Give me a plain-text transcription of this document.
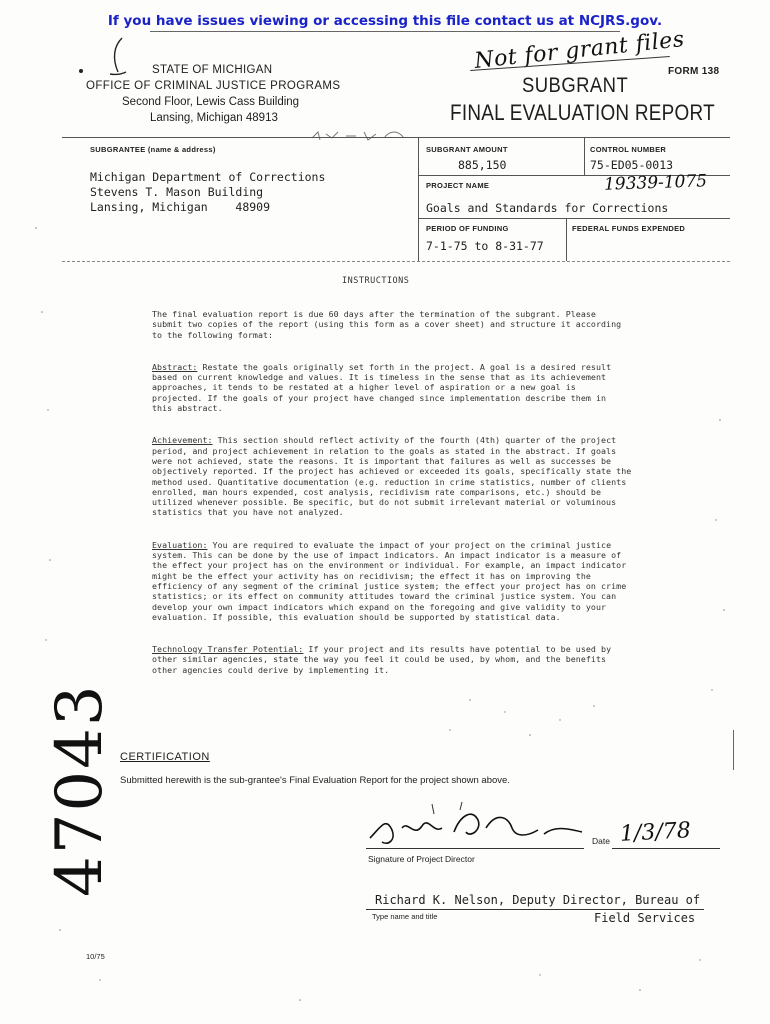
If you have issues viewing or accessing this file contact us at NCJRS.gov.
Not for grant files
FORM 138
STATE OF MICHIGAN
OFFICE OF CRIMINAL JUSTICE PROGRAMS
Second Floor, Lewis Cass Building
Lansing, Michigan 48913
SUBGRANT
FINAL EVALUATION REPORT
SUBGRANTEE (name & address)
Michigan Department of Corrections
Stevens T. Mason Building
Lansing, Michigan    48909
SUBGRANT AMOUNT
885,150
CONTROL NUMBER
75-ED05-0013
PROJECT NAME	19339-1075
Goals and Standards for Corrections
PERIOD OF FUNDING
7-1-75 to 8-31-77
FEDERAL FUNDS EXPENDED
INSTRUCTIONS

The final evaluation report is due 60 days after the termination of the subgrant. Please submit two copies of the report (using this form as a cover sheet) and structure it according to the following format:

Abstract: Restate the goals originally set forth in the project. A goal is a desired result based on current knowledge and values. It is timeless in the sense that as its achievement approaches, it tends to be restated at a higher level of aspiration or a new goal is projected. If the goals of your project have changed since implementation describe them in this abstract.

Achievement: This section should reflect activity of the fourth (4th) quarter of the project period, and project achievement in relation to the goals as stated in the abstract. If goals were not achieved, state the reasons. It is important that failures as well as successes be objectively reported. If the project has achieved or exceeded its goals, specifically state the method used. Quantitative documentation (e.g. reduction in crime statistics, number of clients enrolled, man hours expended, cost analysis, recidivism rate comparisons, etc.) should be utilized whenever possible. Be specific, but do not submit irrelevant material or voluminous statistics that you have not analyzed.

Evaluation: You are required to evaluate the impact of your project on the criminal justice system. This can be done by the use of impact indicators. An impact indicator is a measure of the effect your project has on the environment or individual. For example, an impact indicator might be the effect your activity has on recidivism; the effect it has on improving the efficiency of any segment of the criminal justice system; the effect your project has on crime statistics; or its effect on community attitudes toward the criminal justice system. You can develop your own impact indicators which expand on the foregoing and give validity to your evaluation. If possible, this evaluation should be supported by statistical data.

Technology Transfer Potential: If your project and its results have potential to be used by other similar agencies, state the way you feel it could be used, by whom, and the benefits other agencies could derive by implementing it.

47043 CERTIFICATION
Submitted herewith is the sub-grantee's Final Evaluation Report for the project shown above.
Date 1/3/78
Signature of Project Director
Richard K. Nelson, Deputy Director, Bureau of
Type name and title	Field Services
10/75
